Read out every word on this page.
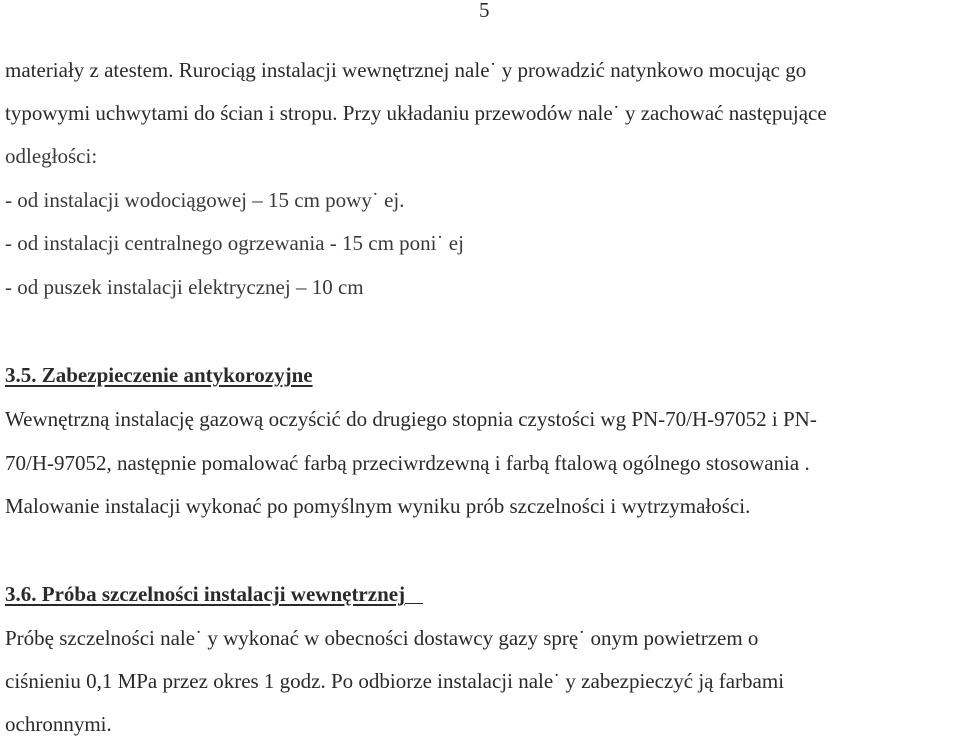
5
materiały z atestem. Rurociąg instalacji wewnętrznej nale˙ y prowadzić natynkowo mocując go
typowymi uchwytami do ścian i stropu. Przy układaniu przewodów nale˙ y zachować następujące
odległości:
- od instalacji wodociągowej – 15 cm powy˙ ej.
- od instalacji centralnego ogrzewania - 15 cm poni˙ ej
- od puszek instalacji elektrycznej – 10 cm
3.5. Zabezpieczenie antykorozyjne
Wewnętrzną instalację gazową oczyścić do drugiego stopnia czystości wg PN-70/H-97052 i PN-
70/H-97052, następnie pomalować farbą przeciwrdzewną i farbą ftalową ogólnego stosowania .
Malowanie instalacji wykonać po pomyślnym wyniku prób szczelności i wytrzymałości.
3.6. Próba szczelności instalacji wewnętrznej
Próbę szczelności nale˙ y wykonać w obecności dostawcy gazy sprę˙ onym powietrzem o
ciśnieniu 0,1 MPa przez okres 1 godz. Po odbiorze instalacji nale˙ y zabezpieczyć ją farbami
ochronnymi.
